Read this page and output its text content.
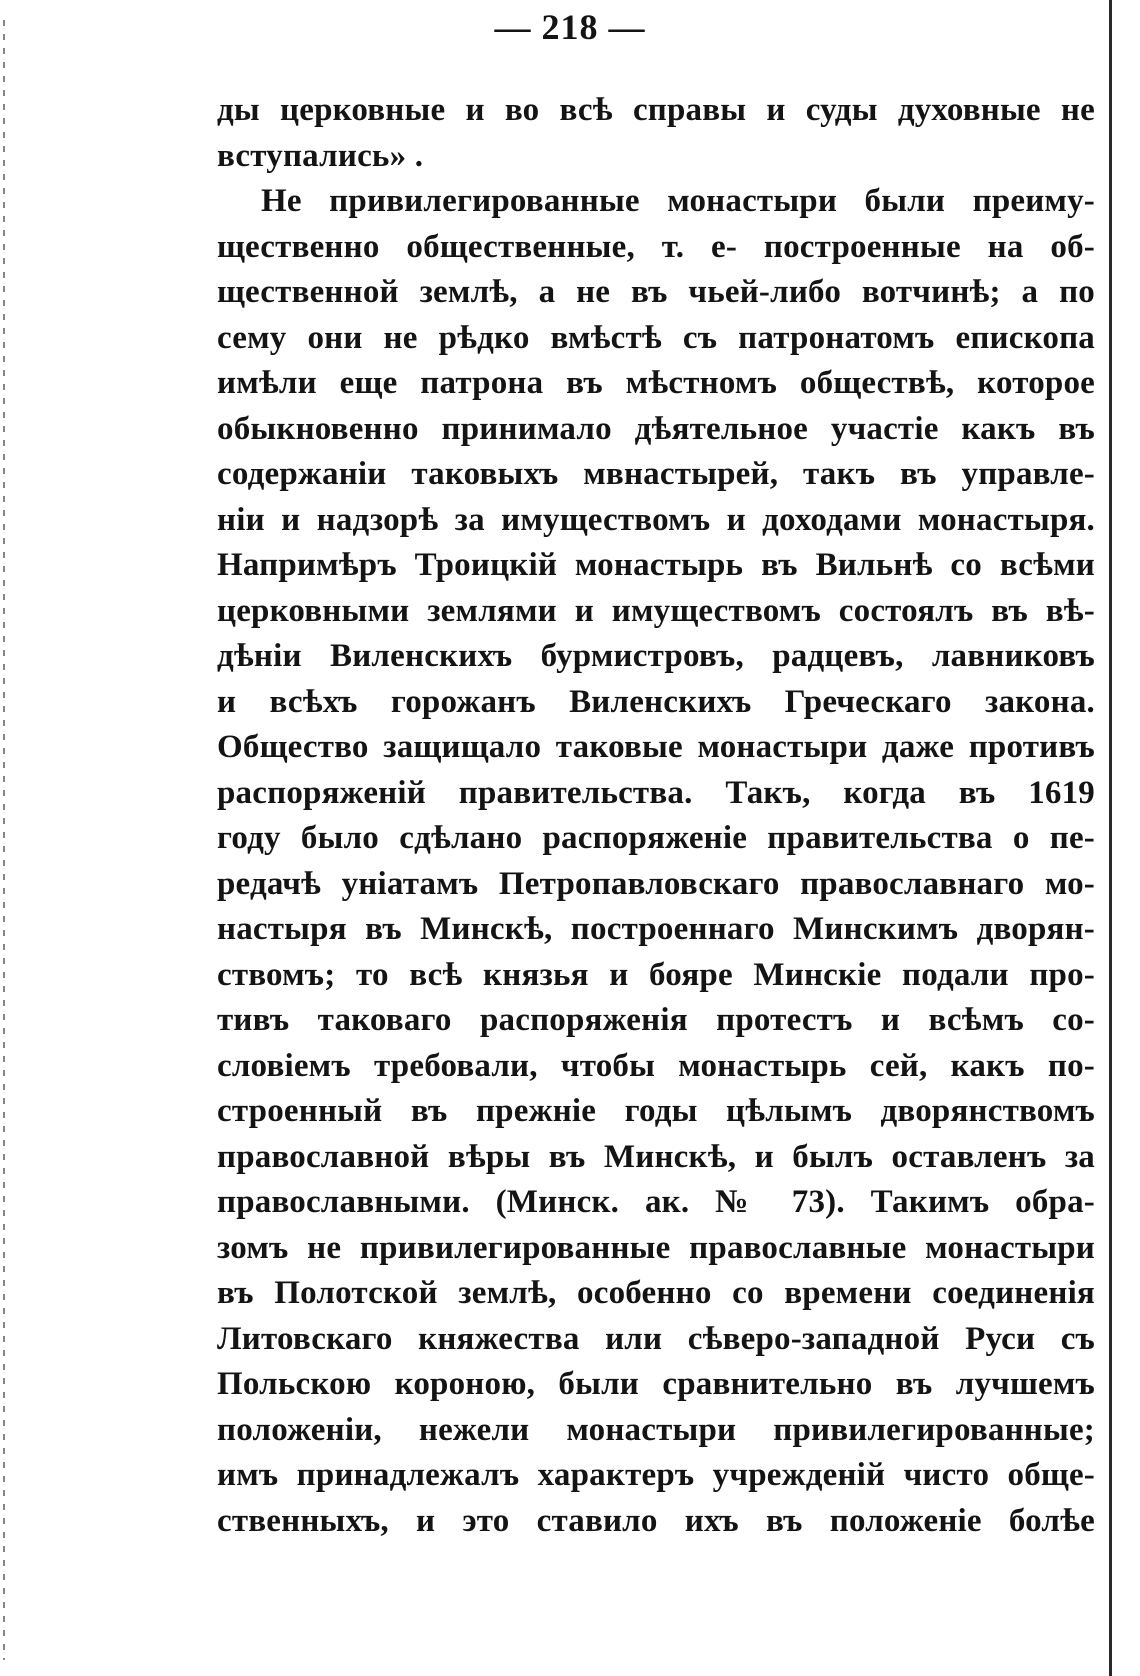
— 218 —
ды церковные и во всѣ справы и суды духовные не
вступались» .
Не привилегированные монастыри были преиму-
щественно общественные, т. е- построенные на об-
щественной землѣ, а не въ чьей-либо вотчинѣ; а по
сему они не рѣдко вмѣстѣ съ патронатомъ епископа
имѣли еще патрона въ мѣстномъ обществѣ, которое
обыкновенно принимало дѣятельное участіе какъ въ
содержаніи таковыхъ мвнастырей, такъ въ управле-
ніи и надзорѣ за имуществомъ и доходами монастыря.
Напримѣръ Троицкій монастырь въ Вильнѣ со всѣми
церковными землями и имуществомъ состоялъ въ вѣ-
дѣніи Виленскихъ бурмистровъ, радцевъ, лавниковъ
и всѣхъ горожанъ Виленскихъ Греческаго закона.
Общество защищало таковые монастыри даже противъ
распоряженій правительства. Такъ, когда въ 1619
году было сдѣлано распоряженіе правительства о пе-
редачѣ уніатамъ Петропавловскаго православнаго мо-
настыря въ Минскѣ, построеннаго Минскимъ дворян-
ствомъ; то всѣ князья и бояре Минскіе подали про-
тивъ таковаго распоряженія протестъ и всѣмъ со-
словіемъ требовали, чтобы монастырь сей, какъ по-
строенный въ прежніе годы цѣлымъ дворянствомъ
православной вѣры въ Минскѣ, и былъ оставленъ за
православными. (Минск. ак. № 73). Такимъ обра-
зомъ не привилегированные православные монастыри
въ Полотской землѣ, особенно со времени соединенія
Литовскаго княжества или сѣверо-западной Руси съ
Польскою короною, были сравнительно въ лучшемъ
положеніи, нежели монастыри привилегированные;
имъ принадлежалъ характеръ учрежденій чисто обще-
ственныхъ, и это ставило ихъ въ положеніе болѣе
